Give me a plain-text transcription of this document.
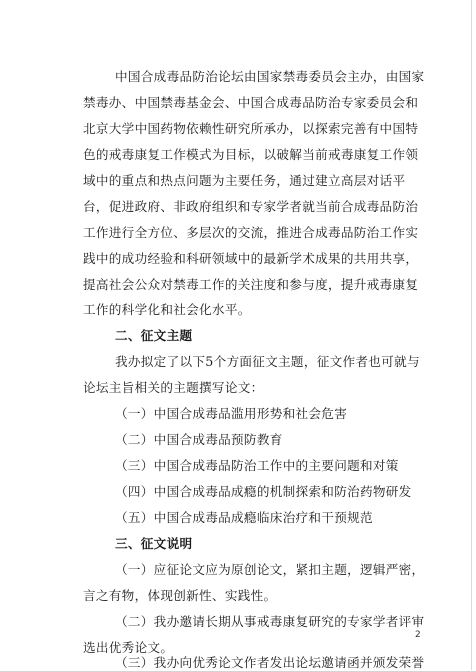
中国合成毒品防治论坛由国家禁毒委员会主办，由国家
禁毒办、中国禁毒基金会、中国合成毒品防治专家委员会和
北京大学中国药物依赖性研究所承办，以探索完善有中国特
色的戒毒康复工作模式为目标，以破解当前戒毒康复工作领
域中的重点和热点问题为主要任务，通过建立高层对话平
台，促进政府、非政府组织和专家学者就当前合成毒品防治
工作进行全方位、多层次的交流，推进合成毒品防治工作实
践中的成功经验和科研领域中的最新学术成果的共用共享，
提高社会公众对禁毒工作的关注度和参与度，提升戒毒康复
工作的科学化和社会化水平。
二、征文主题
我办拟定了以下5个方面征文主题，征文作者也可就与
论坛主旨相关的主题撰写论文：
（一）中国合成毒品滥用形势和社会危害
（二）中国合成毒品预防教育
（三）中国合成毒品防治工作中的主要问题和对策
（四）中国合成毒品成瘾的机制探索和防治药物研发
（五）中国合成毒品成瘾临床治疗和干预规范
三、征文说明
（一）应征论文应为原创论文，紧扣主题，逻辑严密，
言之有物，体现创新性、实践性。
（二）我办邀请长期从事戒毒康复研究的专家学者评审
选出优秀论文。
（三）我办向优秀论文作者发出论坛邀请函并颁发荣誉
2
